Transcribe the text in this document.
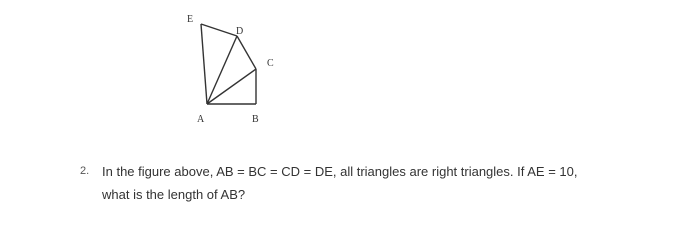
E
D
C
A	B
2. In the figure above, AB = BC = CD = DE, all triangles are right triangles. If AE = 10,
what is the length of AB?
